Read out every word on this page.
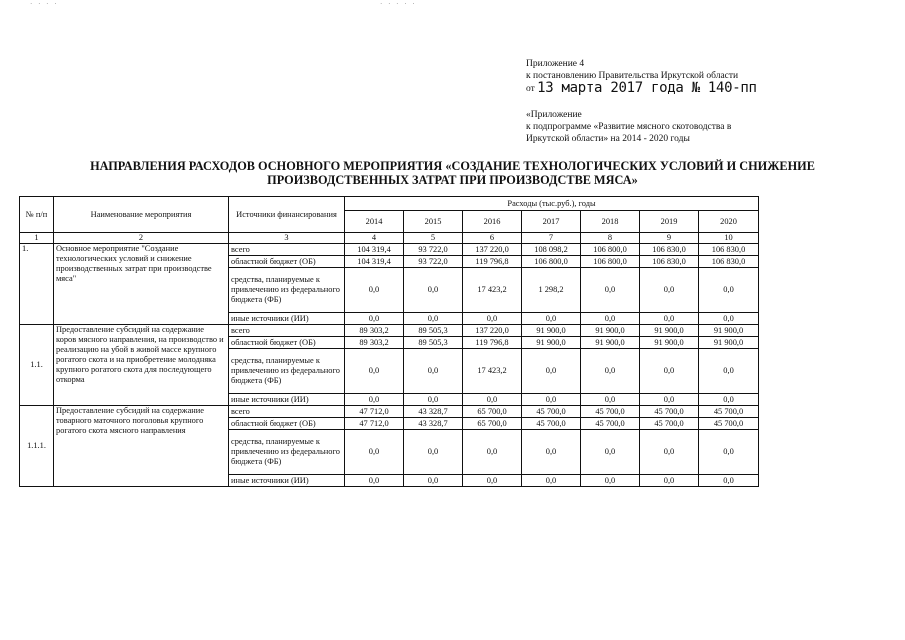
· · · ·	· · · · ·
Приложение 4
к постановлению Правительства Иркутской области
от 13 марта 2017 года № 140-пп
«Приложение
к подпрограмме «Развитие мясного скотоводства в
Иркутской области» на 2014 - 2020 годы
НАПРАВЛЕНИЯ РАСХОДОВ ОСНОВНОГО МЕРОПРИЯТИЯ «СОЗДАНИЕ ТЕХНОЛОГИЧЕСКИХ УСЛОВИЙ И СНИЖЕНИЕ
ПРОИЗВОДСТВЕННЫХ ЗАТРАТ ПРИ ПРОИЗВОДСТВЕ МЯСА»
№ п/п	Наименование мероприятия	Источники финансирования	Расходы (тыс.руб.), годы						
			2014	2015	2016	2017	2018	2019	2020
1	2	3	4	5	6	7	8	9	10
1.	Основное мероприятие "Создание технологических условий и снижение производственных затрат при производстве мяса"	всего	104 319,4	93 722,0	137 220,0	108 098,2	106 800,0	106 830,0	106 830,0
		областной бюджет (ОБ)	104 319,4	93 722,0	119 796,8	106 800,0	106 800,0	106 830,0	106 830,0
		средства, планируемые к привлечению из федерального бюджета (ФБ)	0,0	0,0	17 423,2	1 298,2	0,0	0,0	0,0
		иные источники (ИИ)	0,0	0,0	0,0	0,0	0,0	0,0	0,0
1.1.	Предоставление субсидий на содержание коров мясного направления, на производство и реализацию на убой в живой массе крупного рогатого скота и на приобретение молодняка крупного рогатого скота для последующего откорма	всего	89 303,2	89 505,3	137 220,0	91 900,0	91 900,0	91 900,0	91 900,0
		областной бюджет (ОБ)	89 303,2	89 505,3	119 796,8	91 900,0	91 900,0	91 900,0	91 900,0
		средства, планируемые к привлечению из федерального бюджета (ФБ)	0,0	0,0	17 423,2	0,0	0,0	0,0	0,0
		иные источники (ИИ)	0,0	0,0	0,0	0,0	0,0	0,0	0,0
1.1.1.	Предоставление субсидий на содержание товарного маточного поголовья крупного рогатого скота мясного направления	всего	47 712,0	43 328,7	65 700,0	45 700,0	45 700,0	45 700,0	45 700,0
		областной бюджет (ОБ)	47 712,0	43 328,7	65 700,0	45 700,0	45 700,0	45 700,0	45 700,0
		средства, планируемые к привлечению из федерального бюджета (ФБ)	0,0	0,0	0,0	0,0	0,0	0,0	0,0
		иные источники (ИИ)	0,0	0,0	0,0	0,0	0,0	0,0	0,0
